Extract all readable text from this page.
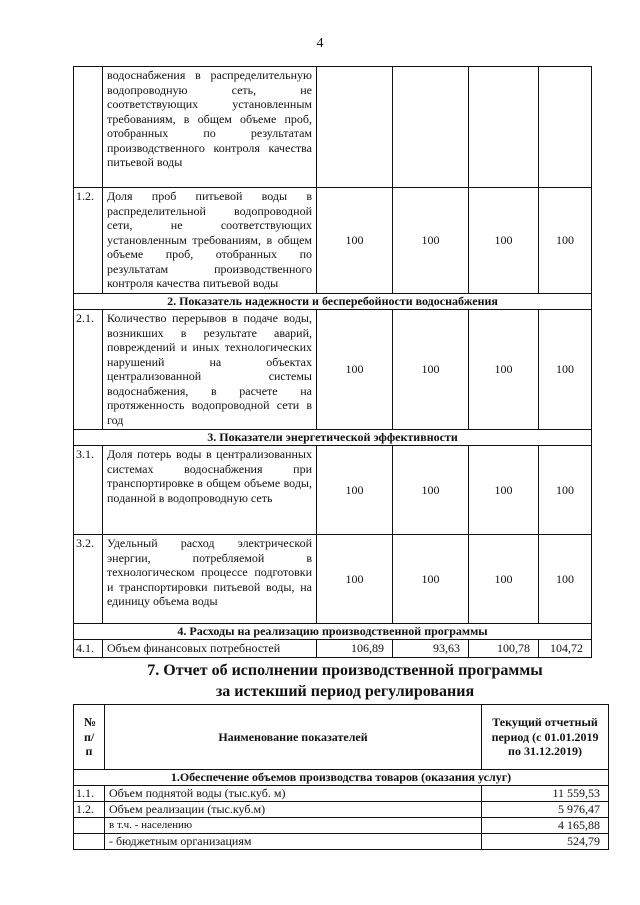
4
	водоснабжения в распределительную водопроводную сеть, не соответствующих установленным требованиям, в общем объеме проб, отобранных по результатам производственного контроля качества питьевой воды				
1.2.	Доля проб питьевой воды в распределительной водопроводной сети, не соответствующих установленным требованиям, в общем объеме проб, отобранных по результатам производственного контроля качества питьевой воды	100	100	100	100
2. Показатель надежности и бесперебойности водоснабжения					
2.1.	Количество перерывов в подаче воды, возникших в результате аварий, повреждений и иных технологических нарушений на объектах централизованной системы водоснабжения, в расчете на протяженность водопроводной сети в год	100	100	100	100
3. Показатели энергетической эффективности					
3.1.	Доля потерь воды в централизованных системах водоснабжения при транспортировке в общем объеме воды, поданной в водопроводную сеть	100	100	100	100
3.2.	Удельный расход электрической энергии, потребляемой в технологическом процессе подготовки и транспортировки питьевой воды, на единицу объема воды	100	100	100	100
4. Расходы на реализацию производственной программы					
4.1.	Объем финансовых потребностей	106,89	93,63	100,78	104,72
7. Отчет об исполнении производственной программы
за истекший период регулирования
№ п/п	Наименование показателей	Текущий отчетный период (с 01.01.2019 по 31.12.2019)
1.Обеспечение объемов производства товаров (оказания услуг)		
1.1.	Объем поднятой воды (тыс.куб. м)	11 559,53
1.2.	Объем реализации (тыс.куб.м)	5 976,47
	в т.ч. - населению	4 165,88
	- бюджетным организациям	524,79
